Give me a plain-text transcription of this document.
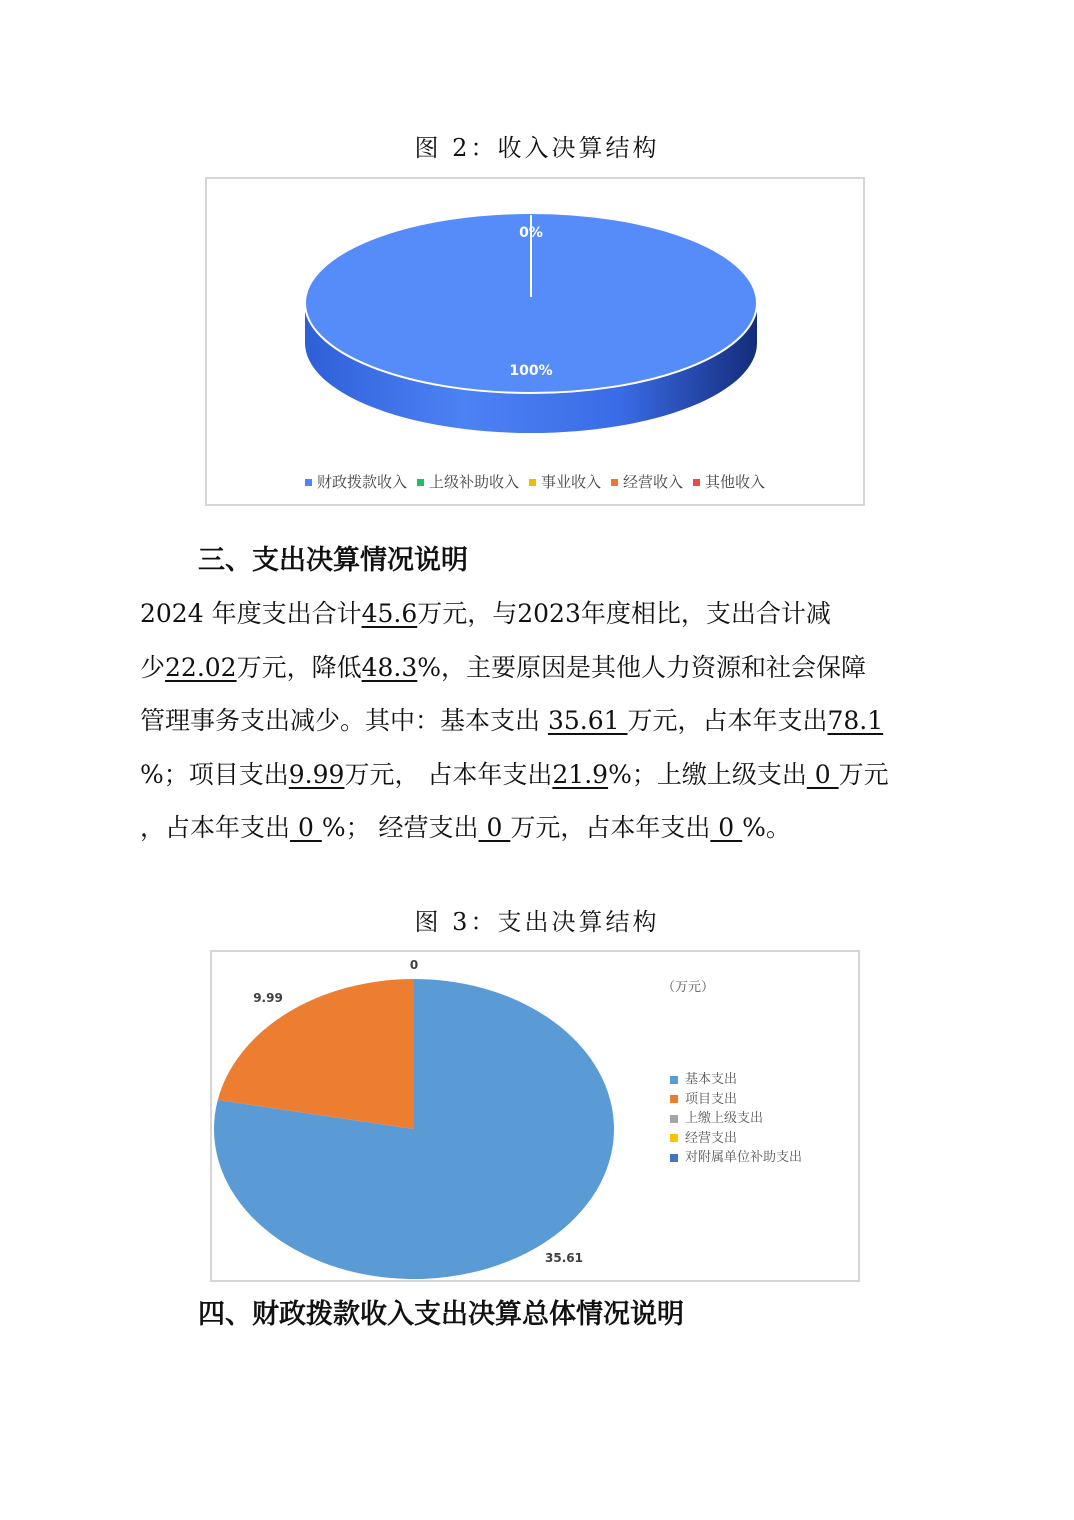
图 2：收入决算结构
0%
100%
财政拨款收入 上级补助收入 事业收入 经营收入 其他收入
三、支出决算情况说明
2024 年度支出合计45.6万元，与2023年度相比，支出合计减
少22.02万元，降低48.3%，主要原因是其他人力资源和社会保障
管理事务支出减少。其中：基本支出 35.61 万元，占本年支出78.1
%；项目支出9.99万元， 占本年支出21.9%；上缴上级支出 0 万元
，占本年支出 0 %； 经营支出 0 万元，占本年支出 0 %。
图 3：支出决算结构
35.61
9.99
0
（万元）
基本支出
项目支出
上缴上级支出
经营支出
对附属单位补助支出
四、财政拨款收入支出决算总体情况说明
